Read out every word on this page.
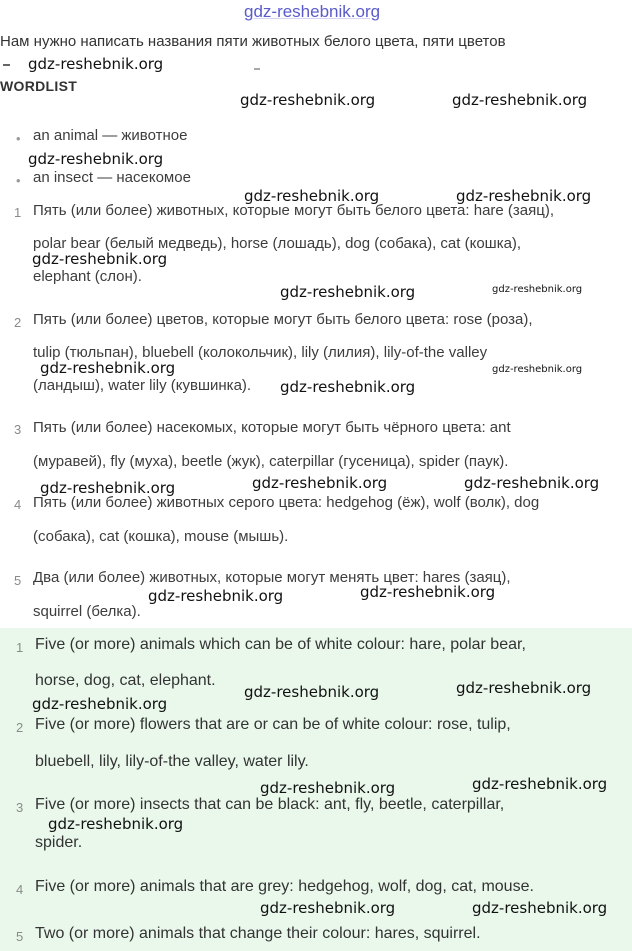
gdz-reshebnik.org
Нам нужно написать названия пяти животных белого цвета, пяти цветов
WORDLIST
• an animal — животное
• an insect — насекомое
1 Пять (или более) животных, которые могут быть белого цвета: hare (заяц),
polar bear (белый медведь), horse (лошадь), dog (собака), cat (кошка),
elephant (слон).
2 Пять (или более) цветов, которые могут быть белого цвета: rose (роза),
tulip (тюльпан), bluebell (колокольчик), lily (лилия), lily-of-the valley
(ландыш), water lily (кувшинка).
3 Пять (или более) насекомых, которые могут быть чёрного цвета: ant
(муравей), fly (муха), beetle (жук), caterpillar (гусеница), spider (паук).
4 Пять (или более) животных серого цвета: hedgehog (ёж), wolf (волк), dog
(собака), cat (кошка), mouse (мышь).
5 Два (или более) животных, которые могут менять цвет: hares (заяц),
squirrel (белка).
1 Five (or more) animals which can be of white colour: hare, polar bear,
horse, dog, cat, elephant.
2 Five (or more) flowers that are or can be of white colour: rose, tulip,
bluebell, lily, lily-of-the valley, water lily.
3 Five (or more) insects that can be black: ant, fly, beetle, caterpillar,
spider.
4 Five (or more) animals that are grey: hedgehog, wolf, dog, cat, mouse.
5 Two (or more) animals that change their colour: hares, squirrel.
gdz-reshebnik.org
gdz-reshebnik.org	gdz-reshebnik.org
gdz-reshebnik.org
gdz-reshebnik.org	gdz-reshebnik.org
gdz-reshebnik.org
gdz-reshebnik.org	gdz-reshebnik.org
gdz-reshebnik.org
gdz-reshebnik.org
gdz-reshebnik.org
gdz-reshebnik.org	gdz-reshebnik.org	gdz-reshebnik.org
gdz-reshebnik.org	gdz-reshebnik.org
gdz-reshebnik.org	gdz-reshebnik.org
gdz-reshebnik.org
gdz-reshebnik.org	gdz-reshebnik.org
gdz-reshebnik.org
gdz-reshebnik.org	gdz-reshebnik.org
